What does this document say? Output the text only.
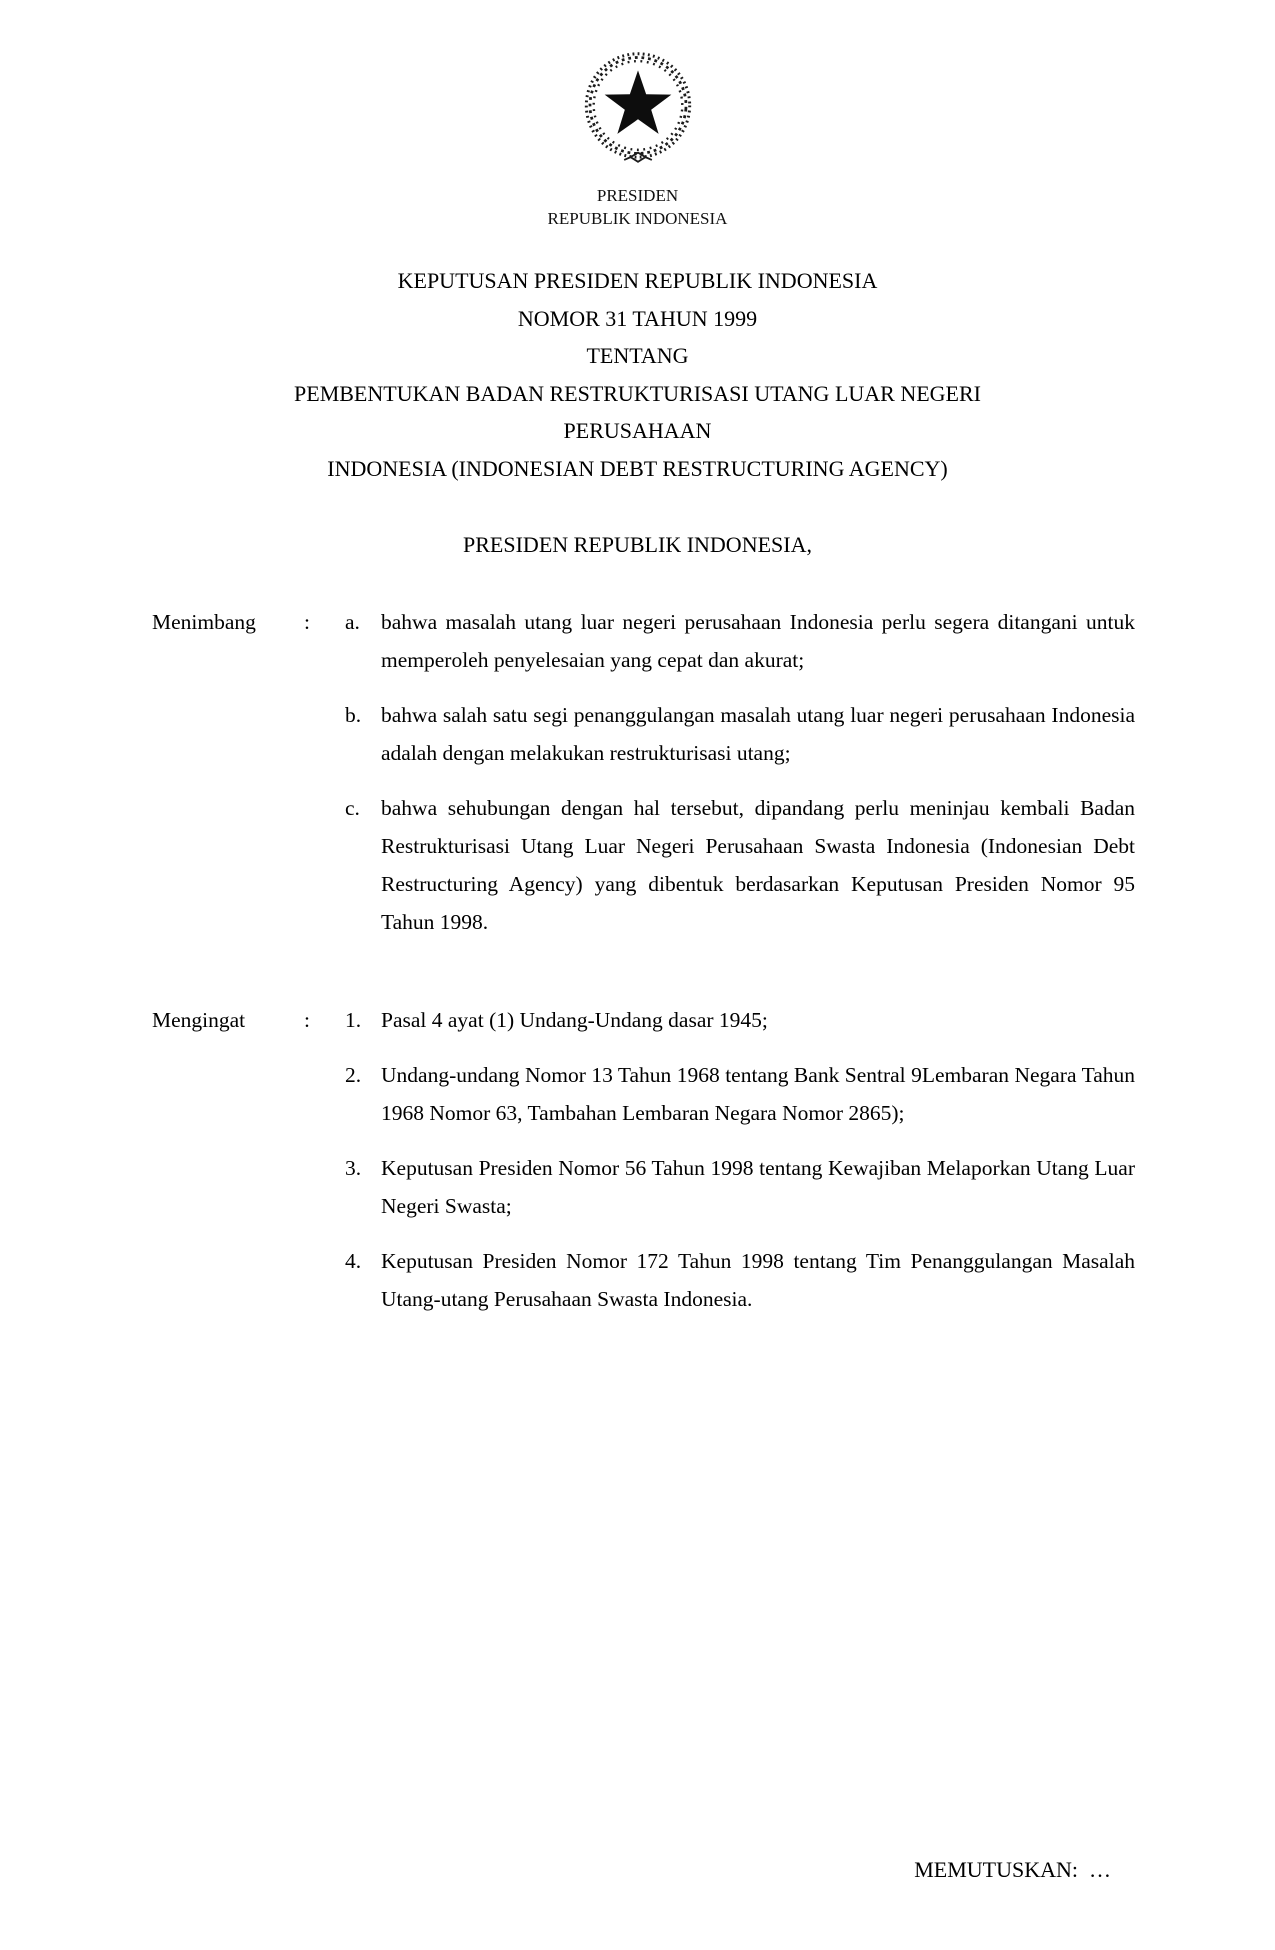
PRESIDEN
REPUBLIK INDONESIA
KEPUTUSAN PRESIDEN REPUBLIK INDONESIA
NOMOR 31 TAHUN 1999
TENTANG
PEMBENTUKAN BADAN RESTRUKTURISASI UTANG LUAR NEGERI
PERUSAHAAN
INDONESIA (INDONESIAN DEBT RESTRUCTURING AGENCY)
PRESIDEN REPUBLIK INDONESIA,
Menimbang	:	a. bahwa masalah utang luar negeri perusahaan Indonesia perlu segera ditangani untuk memperoleh penyelesaian yang cepat dan akurat;
b. bahwa salah satu segi penanggulangan masalah utang luar negeri perusahaan Indonesia adalah dengan melakukan restrukturisasi utang;
c. bahwa sehubungan dengan hal tersebut, dipandang perlu meninjau kembali Badan Restrukturisasi Utang Luar Negeri Perusahaan Swasta Indonesia (Indonesian Debt Restructuring Agency) yang dibentuk berdasarkan Keputusan Presiden Nomor 95 Tahun 1998.
Mengingat	:	1. Pasal 4 ayat (1) Undang-Undang dasar 1945;
2. Undang-undang Nomor 13 Tahun 1968 tentang Bank Sentral 9Lembaran Negara Tahun 1968 Nomor 63, Tambahan Lembaran Negara Nomor 2865);
3. Keputusan Presiden Nomor 56 Tahun 1998 tentang Kewajiban Melaporkan Utang Luar Negeri Swasta;
4. Keputusan Presiden Nomor 172 Tahun 1998 tentang Tim Penanggulangan Masalah Utang-utang Perusahaan Swasta Indonesia.
MEMUTUSKAN:  …
